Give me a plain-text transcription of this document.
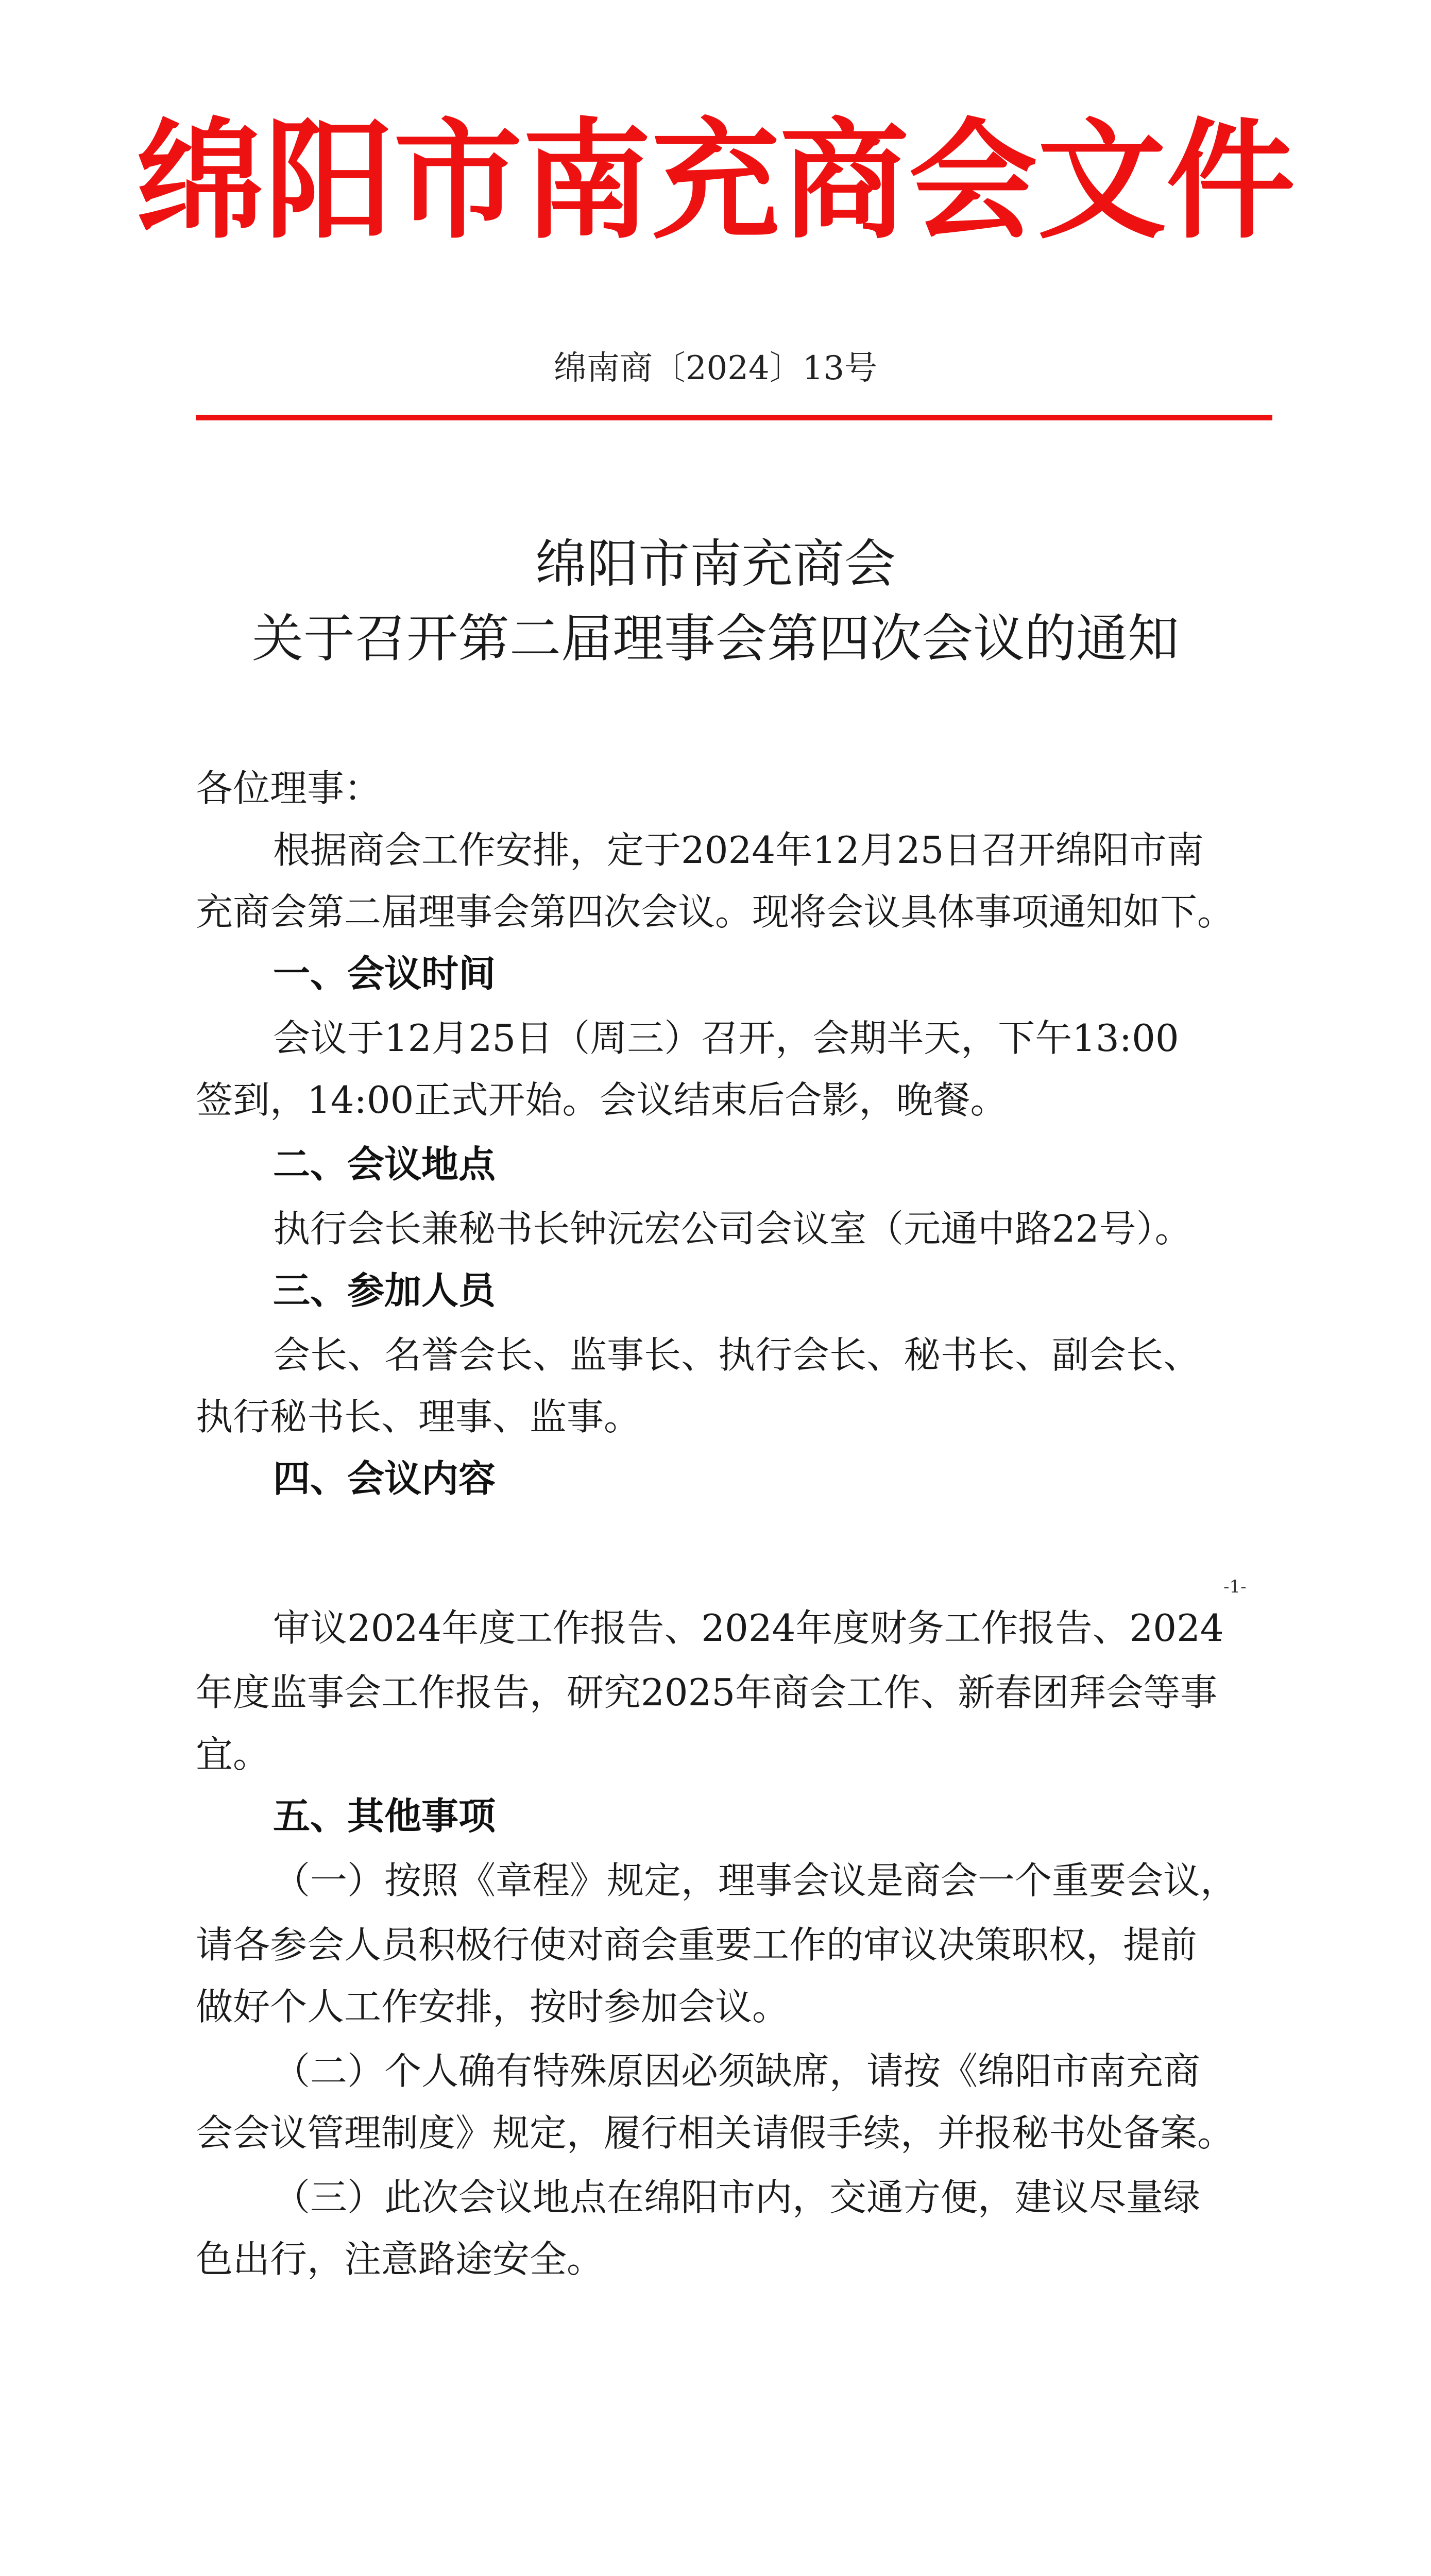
绵阳市南充商会文件
绵南商〔2024〕13号
绵阳市南充商会
关于召开第二届理事会第四次会议的通知
各位理事：
根据商会工作安排，定于2024年12月25日召开绵阳市南
充商会第二届理事会第四次会议。现将会议具体事项通知如下。
一、会议时间
会议于12月25日（周三）召开，会期半天，下午13:00
签到，14:00正式开始。会议结束后合影，晚餐。
二、会议地点
执行会长兼秘书长钟沅宏公司会议室（元通中路22号）。
三、参加人员
会长、名誉会长、监事长、执行会长、秘书长、副会长、
执行秘书长、理事、监事。
四、会议内容
-1-
审议2024年度工作报告、2024年度财务工作报告、2024
年度监事会工作报告，研究2025年商会工作、新春团拜会等事
宜。
五、其他事项
（一）按照《章程》规定，理事会议是商会一个重要会议，
请各参会人员积极行使对商会重要工作的审议决策职权，提前
做好个人工作安排，按时参加会议。
（二）个人确有特殊原因必须缺席，请按《绵阳市南充商
会会议管理制度》规定，履行相关请假手续，并报秘书处备案。
（三）此次会议地点在绵阳市内，交通方便，建议尽量绿
色出行，注意路途安全。
